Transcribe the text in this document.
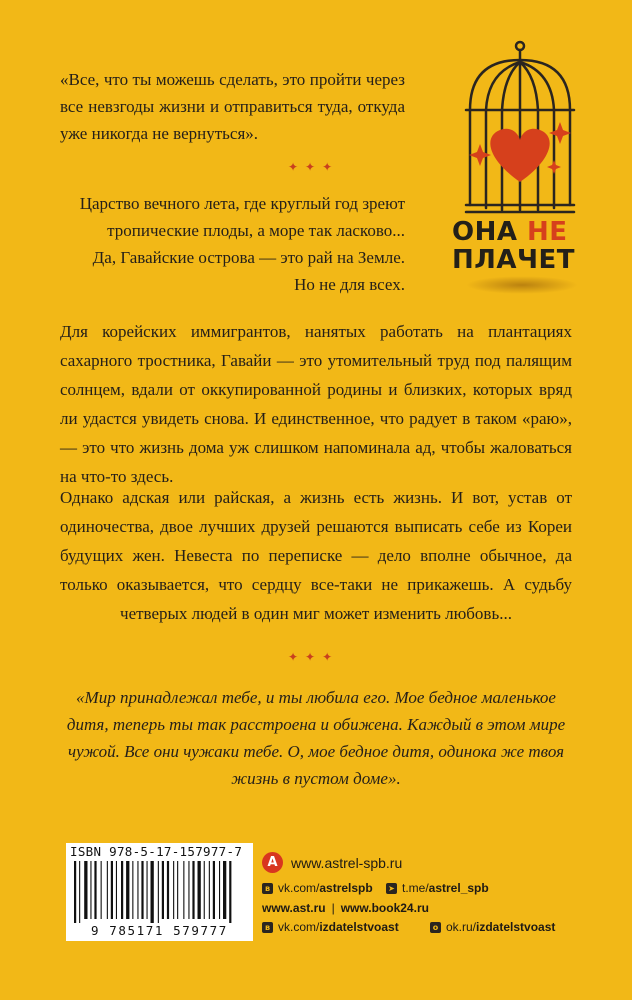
«Все, что ты можешь сделать, это пройти через все невзгоды жизни и отправиться туда, откуда уже никогда не вернуться».
✦✦✦
Царство вечного лета, где круглый год зреют
тропические плоды, а море так ласково...
Да, Гавайские острова — это рай на Земле.
Но не для всех.
ОНА НЕ
ПЛАЧЕТ
Для корейских иммигрантов, нанятых работать на плантациях сахарного тростника, Гавайи — это утомительный труд под палящим солнцем, вдали от оккупированной родины и близких, которых вряд ли удастся увидеть снова. И единственное, что радует в таком «раю», — это что жизнь дома уж слишком напоминала ад, чтобы жаловаться на что-то здесь.
Однако адская или райская, а жизнь есть жизнь. И вот, устав от одиночества, двое лучших друзей решаются выписать себе из Кореи будущих жен. Невеста по переписке — дело вполне обычное, да только оказывается, что сердцу все-таки не прикажешь. А судьбу четверых людей в один миг может изменить любовь...
✦✦✦
«Мир принадлежал тебе, и ты любила его. Мое бедное маленькое дитя, теперь ты так расстроена и обижена. Каждый в этом мире чужой. Все они чужаки тебе. О, мое бедное дитя, одинока же твоя жизнь в пустом доме».
ISBN 978-5-17-157977-7
9 785171 579777
А www.astrel-spb.ru
в vk.com/ astrelspb ➤ t.me/ astrel_spb
www.ast.ru | www.book24.ru
в vk.com/ izdatelstvoast	о ok.ru/ izdatelstvoast
